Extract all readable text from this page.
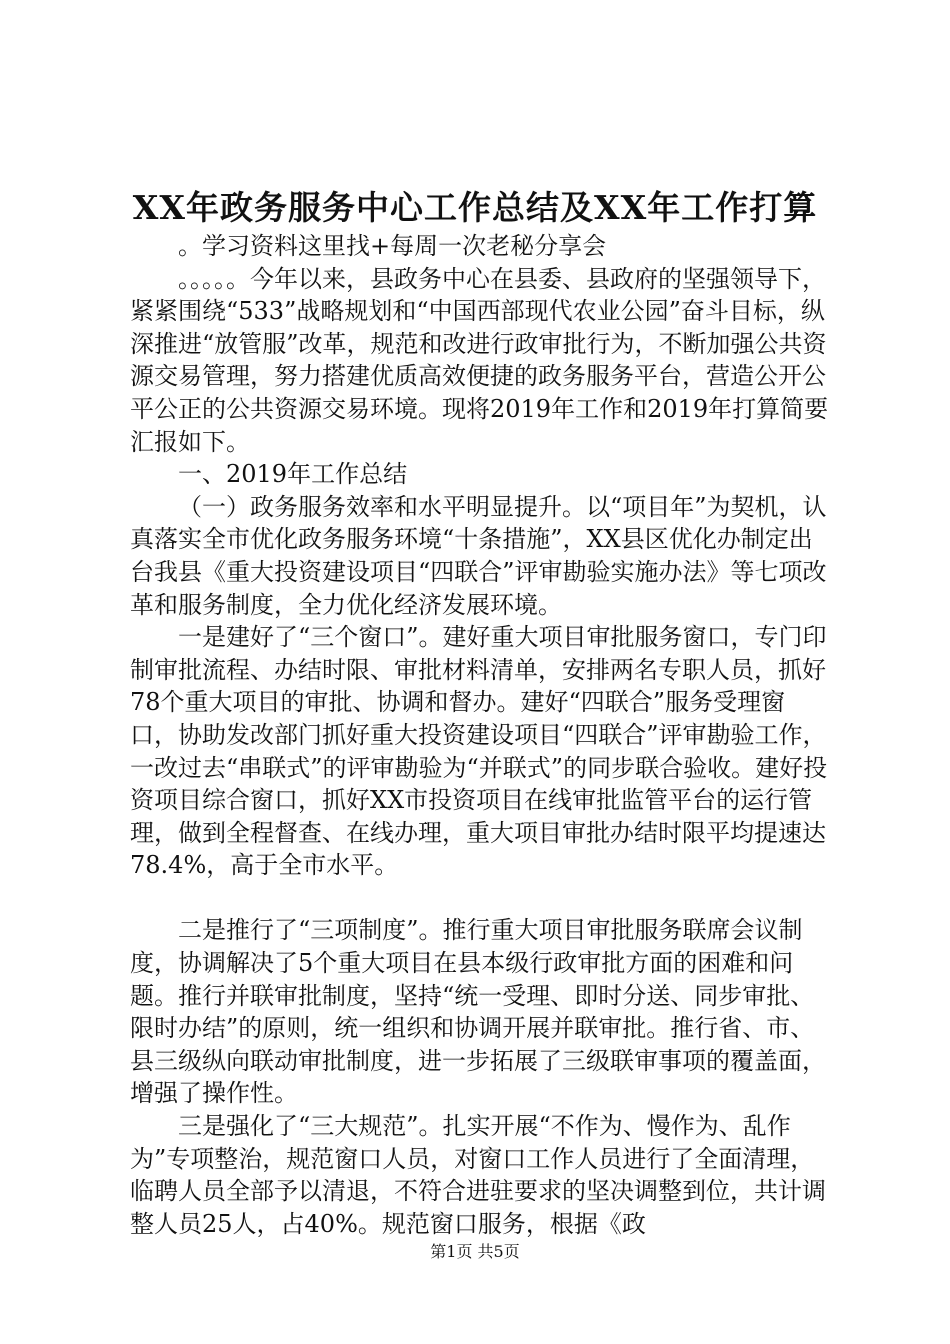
XX年政务服务中心工作总结及XX年工作打算

。学习资料这里找+每周一次老秘分享会

。。。。。今年以来，县政务中心在县委、县政府的坚强领导下，紧紧围绕“533”战略规划和“中国西部现代农业公园”奋斗目标，纵深推进“放管服”改革，规范和改进行政审批行为，不断加强公共资源交易管理，努力搭建优质高效便捷的政务服务平台，营造公开公平公正的公共资源交易环境。现将2019年工作和2019年打算简要汇报如下。

一、2019年工作总结

（一）政务服务效率和水平明显提升。以“项目年”为契机，认真落实全市优化政务服务环境“十条措施”，XX县区优化办制定出台我县《重大投资建设项目“四联合”评审勘验实施办法》等七项改革和服务制度，全力优化经济发展环境。

一是建好了“三个窗口”。建好重大项目审批服务窗口，专门印制审批流程、办结时限、审批材料清单，安排两名专职人员，抓好78个重大项目的审批、协调和督办。建好“四联合”服务受理窗口，协助发改部门抓好重大投资建设项目“四联合”评审勘验工作，一改过去“串联式”的评审勘验为“并联式”的同步联合验收。建好投资项目综合窗口，抓好XX市投资项目在线审批监管平台的运行管理，做到全程督查、在线办理，重大项目审批办结时限平均提速达78.4%，高于全市水平。

二是推行了“三项制度”。推行重大项目审批服务联席会议制度，协调解决了5个重大项目在县本级行政审批方面的困难和问题。推行并联审批制度，坚持“统一受理、即时分送、同步审批、限时办结”的原则，统一组织和协调开展并联审批。推行省、市、县三级纵向联动审批制度，进一步拓展了三级联审事项的覆盖面，增强了操作性。

三是强化了“三大规范”。扎实开展“不作为、慢作为、乱作为”专项整治，规范窗口人员，对窗口工作人员进行了全面清理，临聘人员全部予以清退，不符合进驻要求的坚决调整到位，共计调整人员25人，占40%。规范窗口服务，根据《政

第1页 共5页
